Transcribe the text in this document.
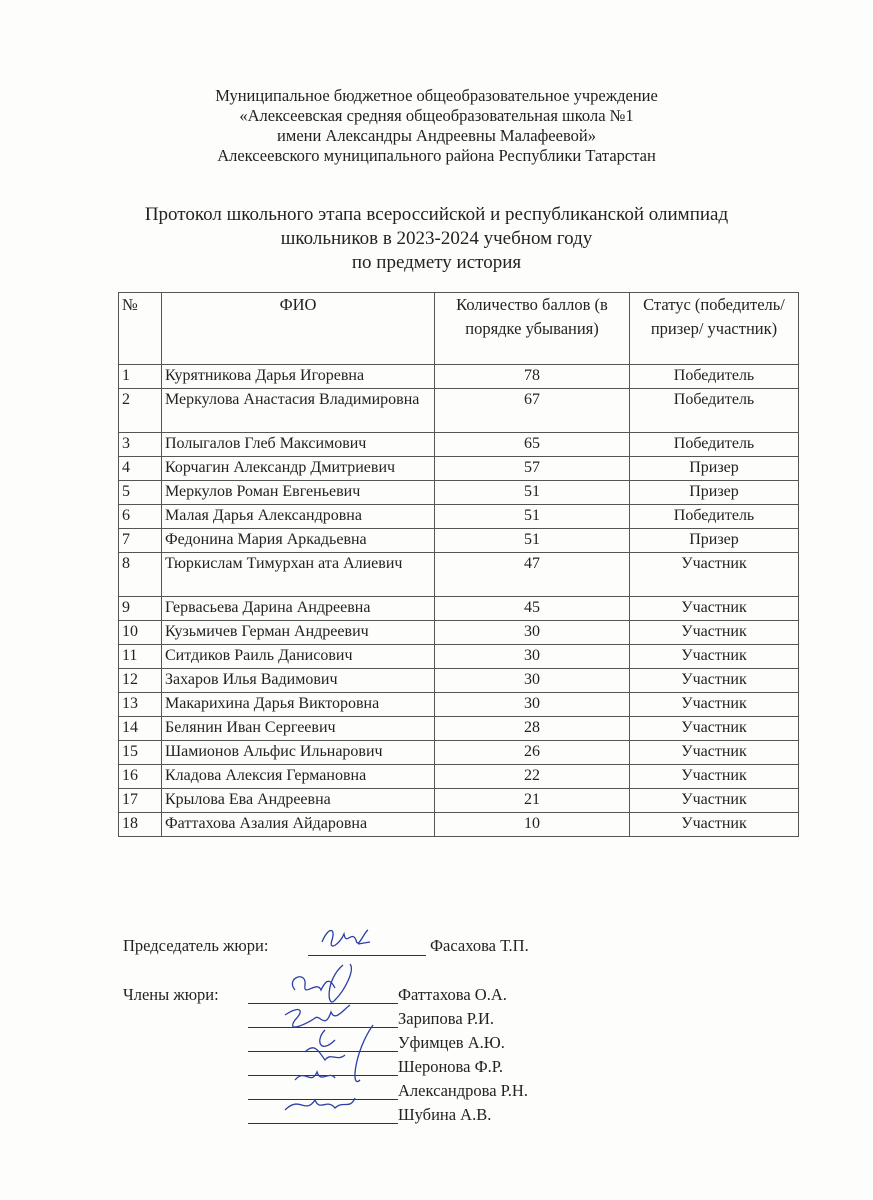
Муниципальное бюджетное общеобразовательное учреждение
«Алексеевская средняя общеобразовательная школа №1
имени Александры Андреевны Малафеевой»
Алексеевского муниципального района Республики Татарстан
Протокол школьного этапа всероссийской и республиканской олимпиад
школьников в 2023-2024 учебном году
по предмету история
№	ФИО	Количество баллов (в порядке убывания)	Статус (победитель/ призер/ участник)
1	Курятникова Дарья Игоревна	78	Победитель
2	Меркулова Анастасия Владимировна	67	Победитель
3	Полыгалов Глеб Максимович	65	Победитель
4	Корчагин Александр Дмитриевич	57	Призер
5	Меркулов Роман Евгеньевич	51	Призер
6	Малая Дарья Александровна	51	Победитель
7	Федонина Мария Аркадьевна	51	Призер
8	Тюркислам Тимурхан ата Алиевич	47	Участник
9	Гервасьева Дарина Андреевна	45	Участник
10	Кузьмичев Герман Андреевич	30	Участник
11	Ситдиков Раиль Данисович	30	Участник
12	Захаров Илья Вадимович	30	Участник
13	Макарихина Дарья Викторовна	30	Участник
14	Белянин Иван Сергеевич	28	Участник
15	Шамионов Альфис Ильнарович	26	Участник
16	Кладова Алексия Германовна	22	Участник
17	Крылова Ева Андреевна	21	Участник
18	Фаттахова Азалия Айдаровна	10	Участник
Председатель жюри:	Фасахова Т.П.
Члены жюри:	Фаттахова О.А.
Зарипова Р.И.
Уфимцев А.Ю.
Шеронова Ф.Р.
Александрова Р.Н.
Шубина А.В.
